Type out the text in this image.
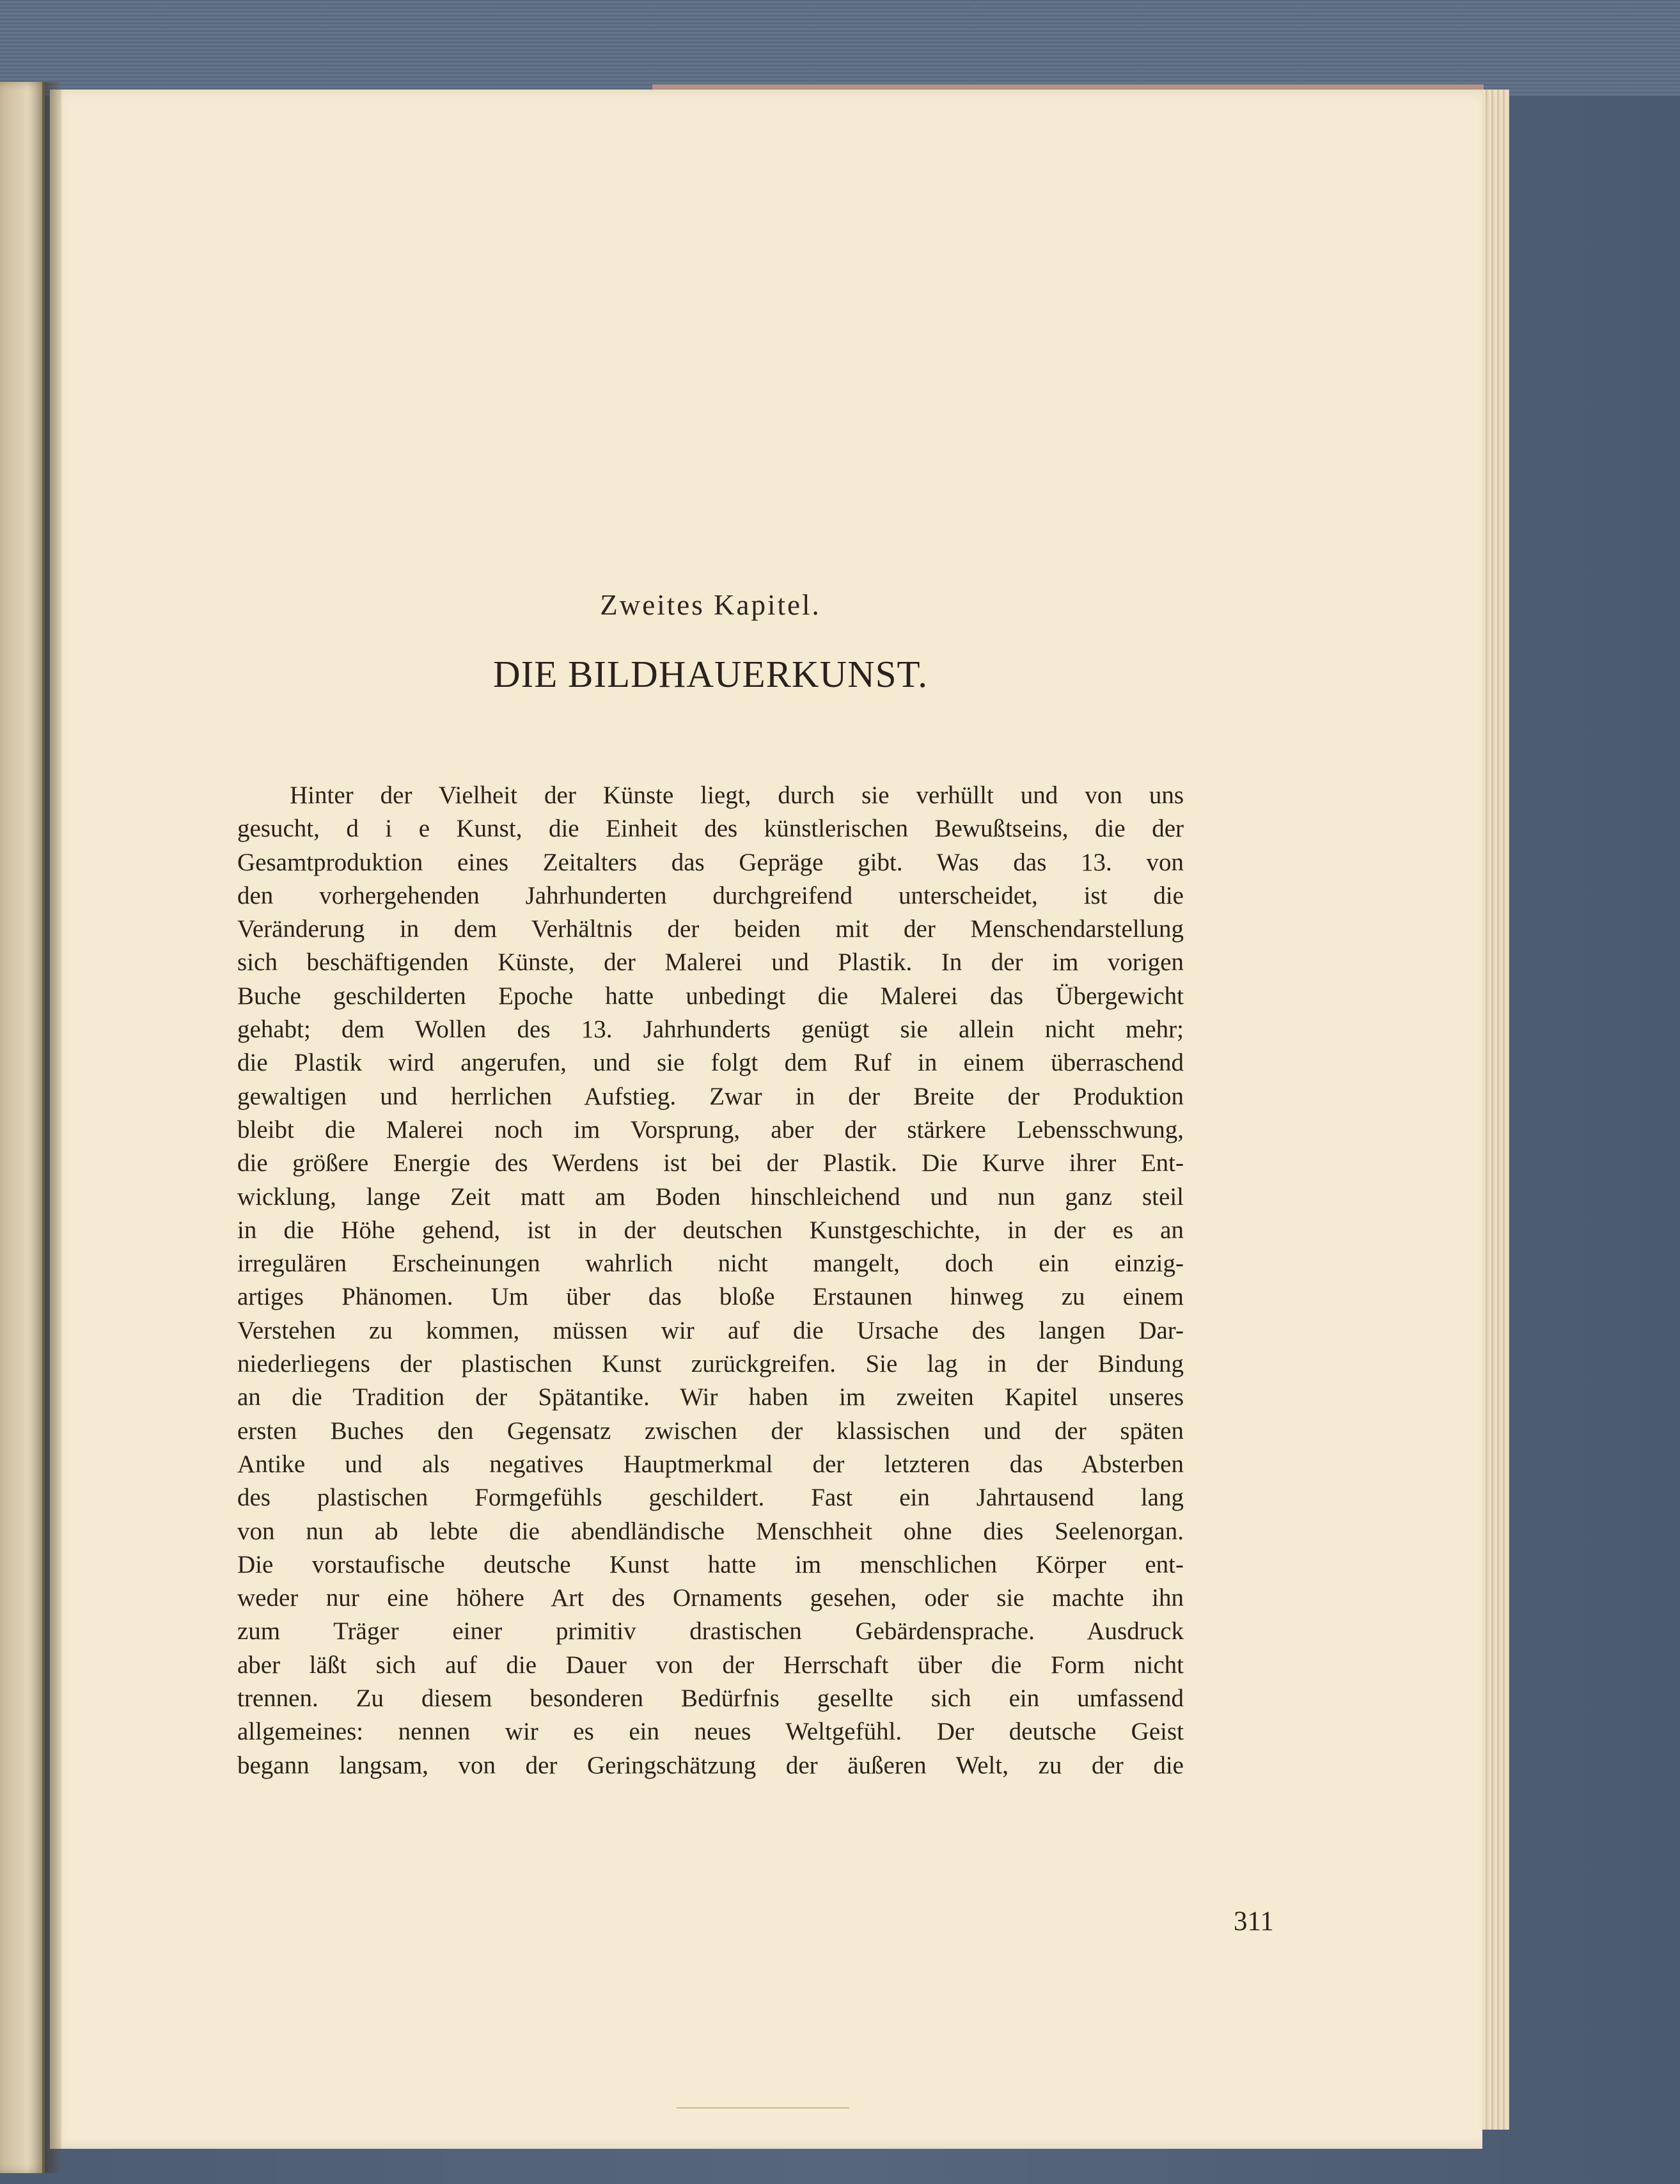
Zweites Kapitel.
DIE BILDHAUERKUNST.
Hinter der Vielheit der Künste liegt, durch sie verhüllt und von uns
gesucht, d i e Kunst, die Einheit des künstlerischen Bewußtseins, die der
Gesamtproduktion eines Zeitalters das Gepräge gibt. Was das 13. von
den vorhergehenden Jahrhunderten durchgreifend unterscheidet, ist die
Veränderung in dem Verhältnis der beiden mit der Menschendarstellung
sich beschäftigenden Künste, der Malerei und Plastik. In der im vorigen
Buche geschilderten Epoche hatte unbedingt die Malerei das Übergewicht
gehabt; dem Wollen des 13. Jahrhunderts genügt sie allein nicht mehr;
die Plastik wird angerufen, und sie folgt dem Ruf in einem überraschend
gewaltigen und herrlichen Aufstieg. Zwar in der Breite der Produktion
bleibt die Malerei noch im Vorsprung, aber der stärkere Lebensschwung,
die größere Energie des Werdens ist bei der Plastik. Die Kurve ihrer Ent-
wicklung, lange Zeit matt am Boden hinschleichend und nun ganz steil
in die Höhe gehend, ist in der deutschen Kunstgeschichte, in der es an
irregulären Erscheinungen wahrlich nicht mangelt, doch ein einzig-
artiges Phänomen. Um über das bloße Erstaunen hinweg zu einem
Verstehen zu kommen, müssen wir auf die Ursache des langen Dar-
niederliegens der plastischen Kunst zurückgreifen. Sie lag in der Bindung
an die Tradition der Spätantike. Wir haben im zweiten Kapitel unseres
ersten Buches den Gegensatz zwischen der klassischen und der späten
Antike und als negatives Hauptmerkmal der letzteren das Absterben
des plastischen Formgefühls geschildert. Fast ein Jahrtausend lang
von nun ab lebte die abendländische Menschheit ohne dies Seelenorgan.
Die vorstaufische deutsche Kunst hatte im menschlichen Körper ent-
weder nur eine höhere Art des Ornaments gesehen, oder sie machte ihn
zum Träger einer primitiv drastischen Gebärdensprache. Ausdruck
aber läßt sich auf die Dauer von der Herrschaft über die Form nicht
trennen. Zu diesem besonderen Bedürfnis gesellte sich ein umfassend
allgemeines: nennen wir es ein neues Weltgefühl. Der deutsche Geist
begann langsam, von der Geringschätzung der äußeren Welt, zu der die
311
